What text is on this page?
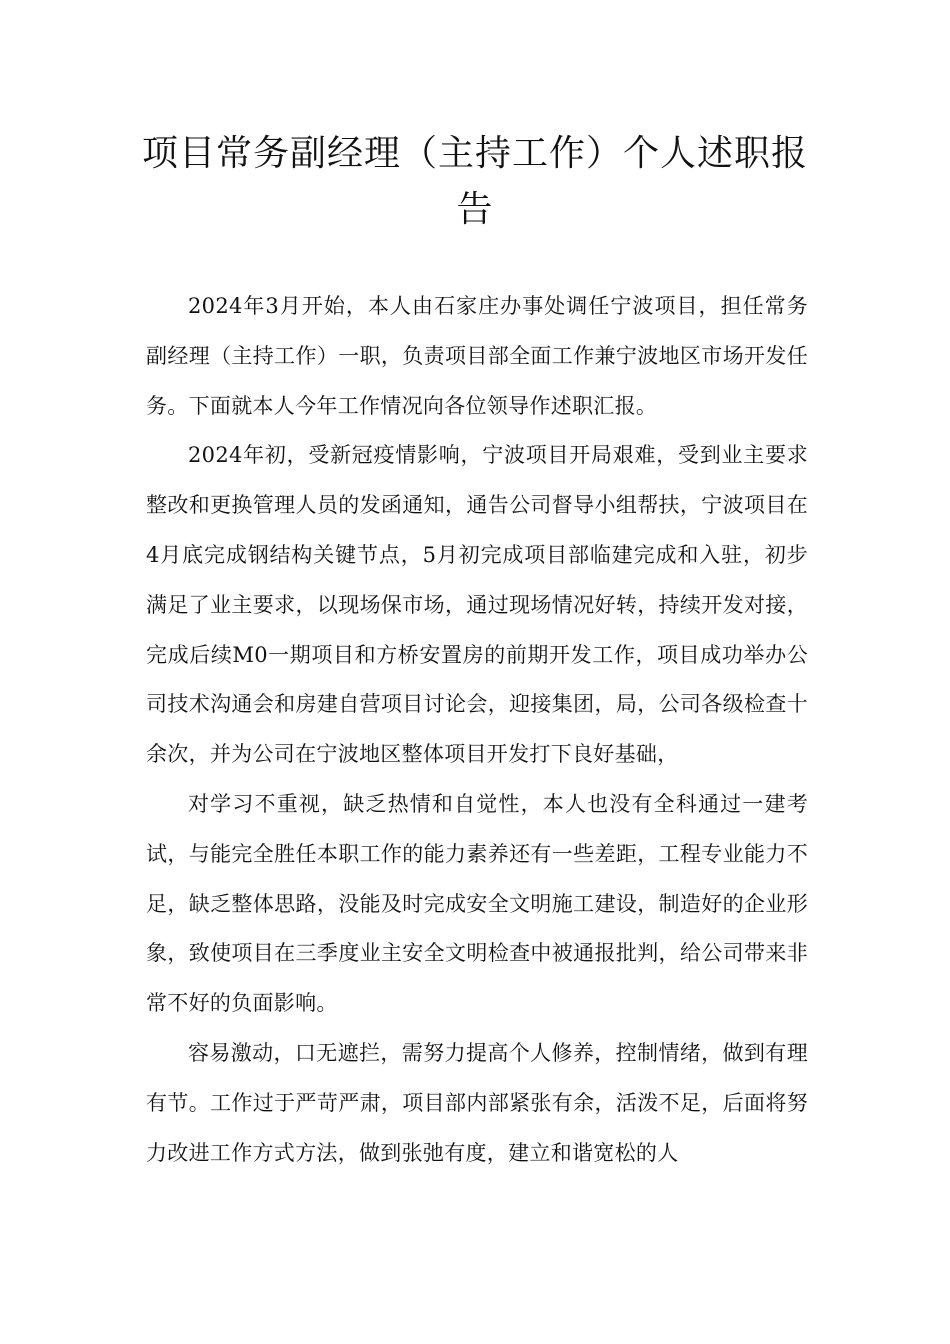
项目常务副经理（主持工作）个人述职报告

2024年3月开始，本人由石家庄办事处调任宁波项目，担任常务副经理（主持工作）一职，负责项目部全面工作兼宁波地区市场开发任务。下面就本人今年工作情况向各位领导作述职汇报。

2024年初，受新冠疫情影响，宁波项目开局艰难，受到业主要求整改和更换管理人员的发函通知，通告公司督导小组帮扶，宁波项目在4月底完成钢结构关键节点，5月初完成项目部临建完成和入驻，初步满足了业主要求，以现场保市场，通过现场情况好转，持续开发对接，完成后续M0一期项目和方桥安置房的前期开发工作，项目成功举办公司技术沟通会和房建自营项目讨论会，迎接集团，局，公司各级检查十余次，并为公司在宁波地区整体项目开发打下良好基础，

对学习不重视，缺乏热情和自觉性，本人也没有全科通过一建考试，与能完全胜任本职工作的能力素养还有一些差距，工程专业能力不足，缺乏整体思路，没能及时完成安全文明施工建设，制造好的企业形象，致使项目在三季度业主安全文明检查中被通报批判，给公司带来非常不好的负面影响。

容易激动，口无遮拦，需努力提高个人修养，控制情绪，做到有理有节。工作过于严苛严肃，项目部内部紧张有余，活泼不足，后面将努力改进工作方式方法，做到张弛有度，建立和谐宽松的人
